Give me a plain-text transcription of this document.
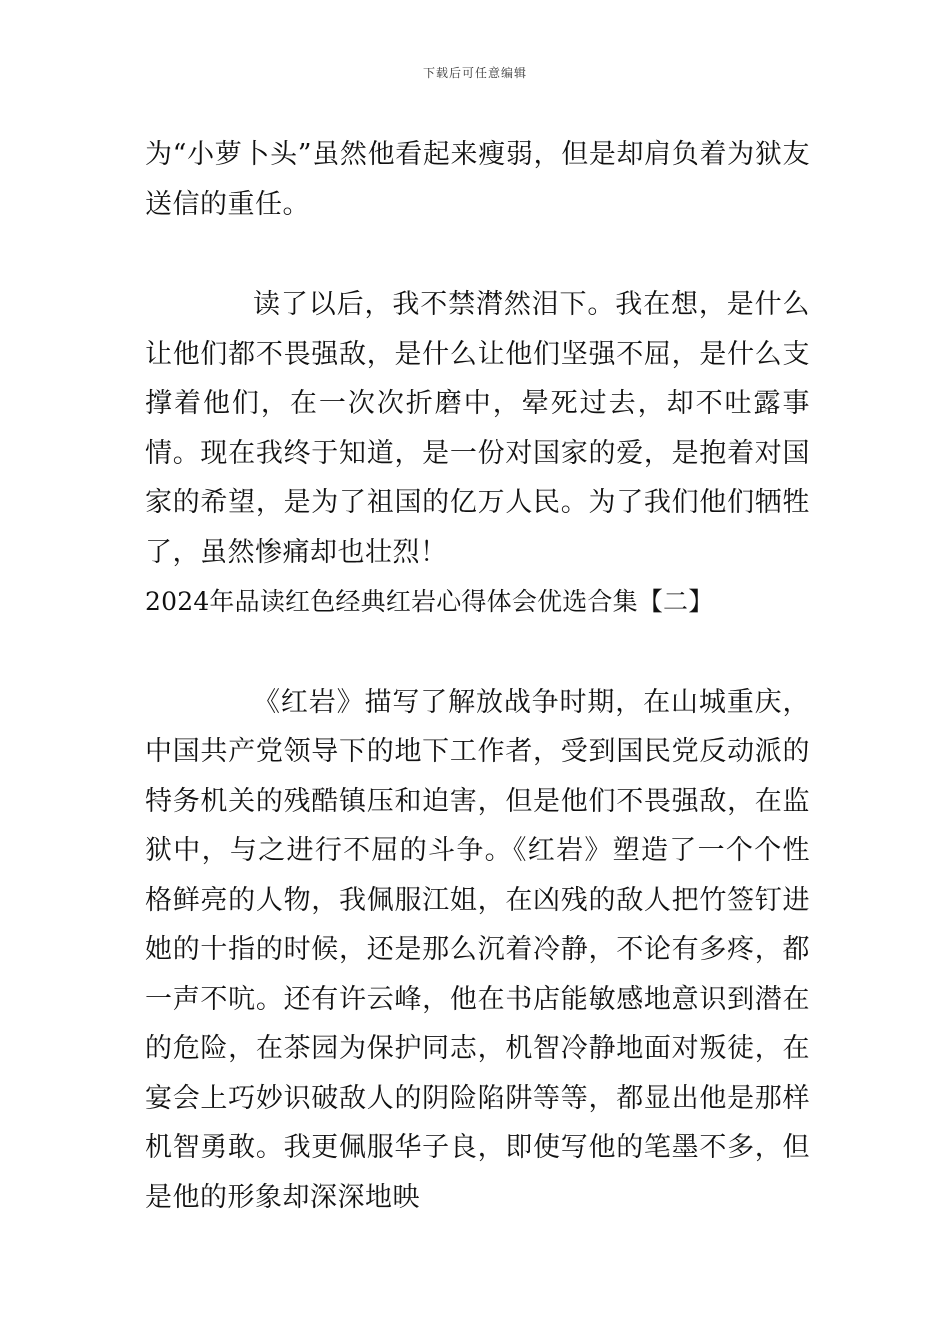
下载后可任意编辑

为“小萝卜头”虽然他看起来瘦弱，但是却肩负着为狱友送信的重任。

读了以后，我不禁潸然泪下。我在想，是什么让他们都不畏强敌，是什么让他们坚强不屈，是什么支撑着他们，在一次次折磨中，晕死过去，却不吐露事情。现在我终于知道，是一份对国家的爱，是抱着对国家的希望，是为了祖国的亿万人民。为了我们他们牺牲了，虽然惨痛却也壮烈！

2024年品读红色经典红岩心得体会优选合集【二】

《红岩》描写了解放战争时期，在山城重庆，中国共产党领导下的地下工作者，受到国民党反动派的特务机关的残酷镇压和迫害，但是他们不畏强敌，在监狱中，与之进行不屈的斗争。《红岩》塑造了一个个性格鲜亮的人物，我佩服江姐，在凶残的敌人把竹签钉进她的十指的时候，还是那么沉着冷静，不论有多疼，都一声不吭。还有许云峰，他在书店能敏感地意识到潜在的危险，在茶园为保护同志，机智冷静地面对叛徒，在宴会上巧妙识破敌人的阴险陷阱等等，都显出他是那样机智勇敢。我更佩服华子良，即使写他的笔墨不多，但是他的形象却深深地映
